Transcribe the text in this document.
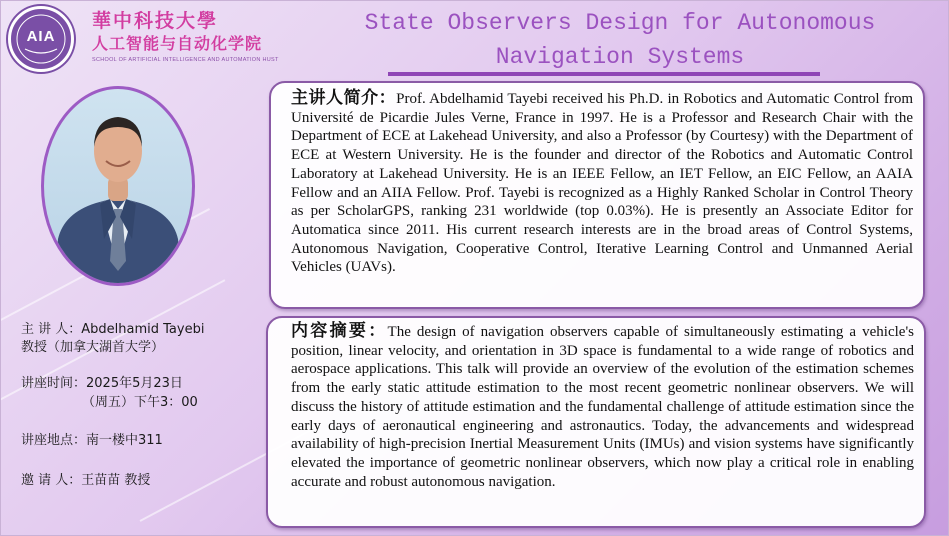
AIA
華中科技大學
人工智能与自动化学院
SCHOOL OF ARTIFICIAL INTELLIGENCE AND AUTOMATION HUST
State Observers Design for Autonomous
Navigation Systems
主 讲 人：Abdelhamid Tayebi
教授（加拿大湖首大学）
讲座时间：2025年5月23日
（周五）下午3：00
讲座地点：南一楼中311
邀 请 人：王苗苗 教授

主讲人简介：Prof. Abdelhamid Tayebi received his Ph.D. in Robotics and Automatic Control from Université de Picardie Jules Verne, France in 1997. He is a Professor and Research Chair with the Department of ECE at Lakehead University, and also a Professor (by Courtesy) with the Department of ECE at Western University. He is the founder and director of the Robotics and Automatic Control Laboratory at Lakehead University. He is an IEEE Fellow, an IET Fellow, an EIC Fellow, an AAIA Fellow and an AIIA Fellow. Prof. Tayebi is recognized as a Highly Ranked Scholar in Control Theory as per ScholarGPS, ranking 231 worldwide (top 0.03%). He is presently an Associate Editor for Automatica since 2011. His current research interests are in the broad areas of Control Systems, Autonomous Navigation, Cooperative Control, Iterative Learning Control and Unmanned Aerial Vehicles (UAVs).

内容摘要：The design of navigation observers capable of simultaneously estimating a vehicle's position, linear velocity, and orientation in 3D space is fundamental to a wide range of robotics and aerospace applications. This talk will provide an overview of the evolution of the estimation schemes from the early static attitude estimation to the most recent geometric nonlinear observers. We will discuss the history of attitude estimation and the fundamental challenge of attitude estimation since the early days of aeronautical engineering and astronautics. Today, the advancements and widespread availability of high-precision Inertial Measurement Units (IMUs) and vision systems have significantly elevated the importance of geometric nonlinear observers, which now play a critical role in enabling accurate and robust autonomous navigation.
